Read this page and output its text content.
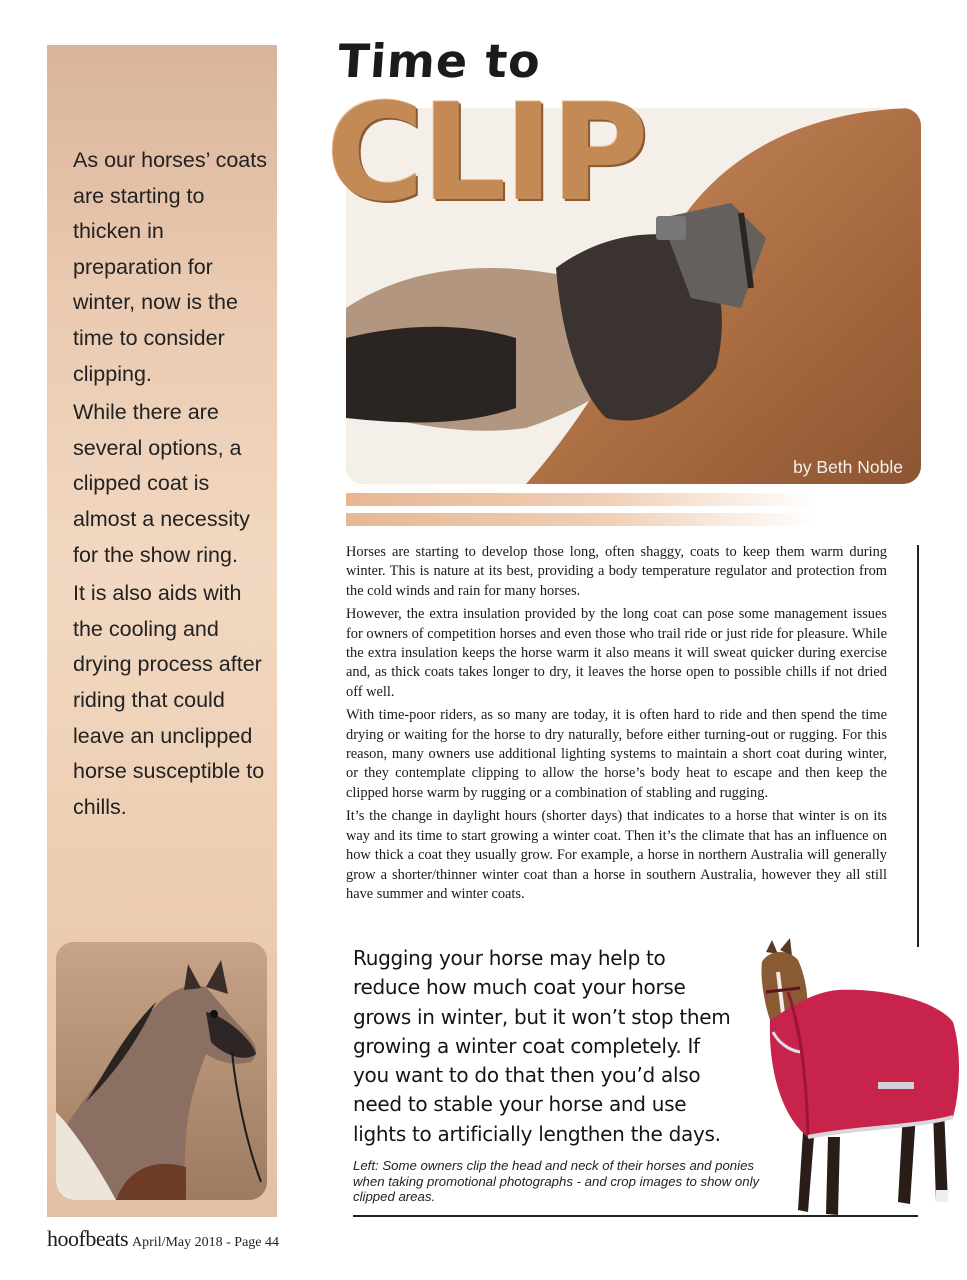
As our horses’ coats are starting to thicken in preparation for winter, now is the time to consider clipping.

While there are several options, a clipped coat is almost a necessity for the show ring.

It is also aids with the cooling and drying process after riding that could leave an unclipped horse susceptible to chills.

by Beth Noble
Time to
CLIP

Horses are starting to develop those long, often shaggy, coats to keep them warm during winter. This is nature at its best, providing a body temperature regulator and protection from the cold winds and rain for many horses.

However, the extra insulation provided by the long coat can pose some management issues for owners of competition horses and even those who trail ride or just ride for pleasure. While the extra insulation keeps the horse warm it also means it will sweat quicker during exercise and, as thick coats takes longer to dry, it leaves the horse open to possible chills if not dried off well.

With time-poor riders, as so many are today, it is often hard to ride and then spend the time drying or waiting for the horse to dry naturally, before either turning-out or rugging. For this reason, many owners use additional lighting systems to maintain a short coat during winter, or they contemplate clipping to allow the horse’s body heat to escape and then keep the clipped horse warm by rugging or a combination of stabling and rugging.

It’s the change in daylight hours (shorter days) that indicates to a horse that winter is on its way and its time to start growing a winter coat. Then it’s the climate that has an influence on how thick a coat they usually grow. For example, a horse in northern Australia will generally grow a shorter/thinner winter coat than a horse in southern Australia, however they all still have summer and winter coats.

Rugging your horse may help to reduce how much coat your horse grows in winter, but it won’t stop them growing a winter coat completely. If you want to do that then you’d also need to stable your horse and use lights to artificially lengthen the days.
Left: Some owners clip the head and neck of their horses and ponies when taking promotional photographs - and crop images to show only clipped areas.
hoofbeats April/May 2018 - Page 44
